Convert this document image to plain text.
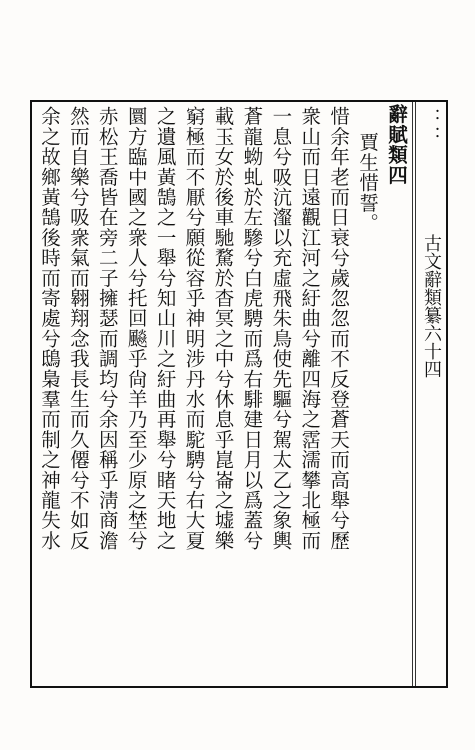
：：古文辭類纂六十四
辭賦類四
賈生惜誓。
惜余年老而日衰兮歲忽忽而不反登蒼天而高舉兮歷
衆山而日遠觀江河之紆曲兮離四海之霑濡攀北極而
一息兮吸沆瀣以充虛飛朱鳥使先驅兮駕太乙之象輿
蒼龍蚴虬於左驂兮白虎騁而爲右騑建日月以爲蓋兮
載玉女於後車馳騖於杳冥之中兮休息乎崑崙之墟樂
窮極而不厭兮願從容乎神明涉丹水而駝騁兮右大夏
之遺風黃鵠之一舉兮知山川之紆曲再舉兮睹天地之
圜方臨中國之衆人兮托回飈乎尙羊乃至少原之埜兮
赤松王喬皆在旁二子擁瑟而調均兮余因稱乎淸商澹
然而自樂兮吸衆氣而翱翔念我長生而久僊兮不如反
余之故鄉黃鵠後時而寄處兮鴟梟羣而制之神龍失水
